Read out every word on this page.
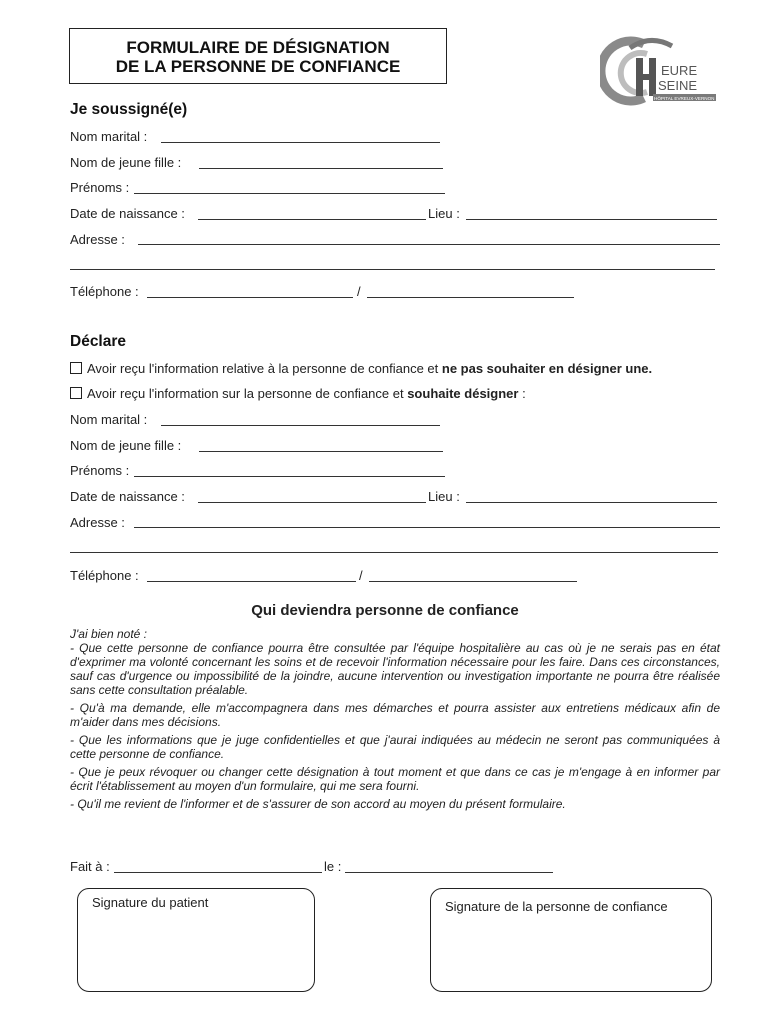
FORMULAIRE DE DÉSIGNATION
DE LA PERSONNE DE CONFIANCE	EURE
SEINE
HÔPITAL EVREUX-VERNON
Je soussigné(e)
Nom marital :
Nom de jeune fille :
Prénoms :
Date de naissance :	Lieu :
Adresse :
Téléphone :	/
Déclare
Avoir reçu l'information relative à la personne de confiance et ne pas souhaiter en désigner une.
Avoir reçu l'information sur la personne de confiance et souhaite désigner :
Nom marital :
Nom de jeune fille :
Prénoms :
Date de naissance :	Lieu :
Adresse :
Téléphone :	/
Qui deviendra personne de confiance
J'ai bien noté :
- Que cette personne de confiance pourra être consultée par l'équipe hospitalière au cas où je ne serais pas en état d'exprimer ma volonté concernant les soins et de recevoir l'information nécessaire pour les faire. Dans ces circonstances, sauf cas d'urgence ou impossibilité de la joindre, aucune intervention ou investigation importante ne pourra être réalisée sans cette consultation préalable.
- Qu'à ma demande, elle m'accompagnera dans mes démarches et pourra assister aux entretiens médicaux afin de m'aider dans mes décisions.
- Que les informations que je juge confidentielles et que j'aurai indiquées au médecin ne seront pas communiquées à cette personne de confiance.
- Que je peux révoquer ou changer cette désignation à tout moment et que dans ce cas je m'engage à en informer par écrit l'établissement au moyen d'un formulaire, qui me sera fourni.
- Qu'il me revient de l'informer et de s'assurer de son accord au moyen du présent formulaire.
Fait à :	le :
Signature du patient	Signature de la personne de confiance
